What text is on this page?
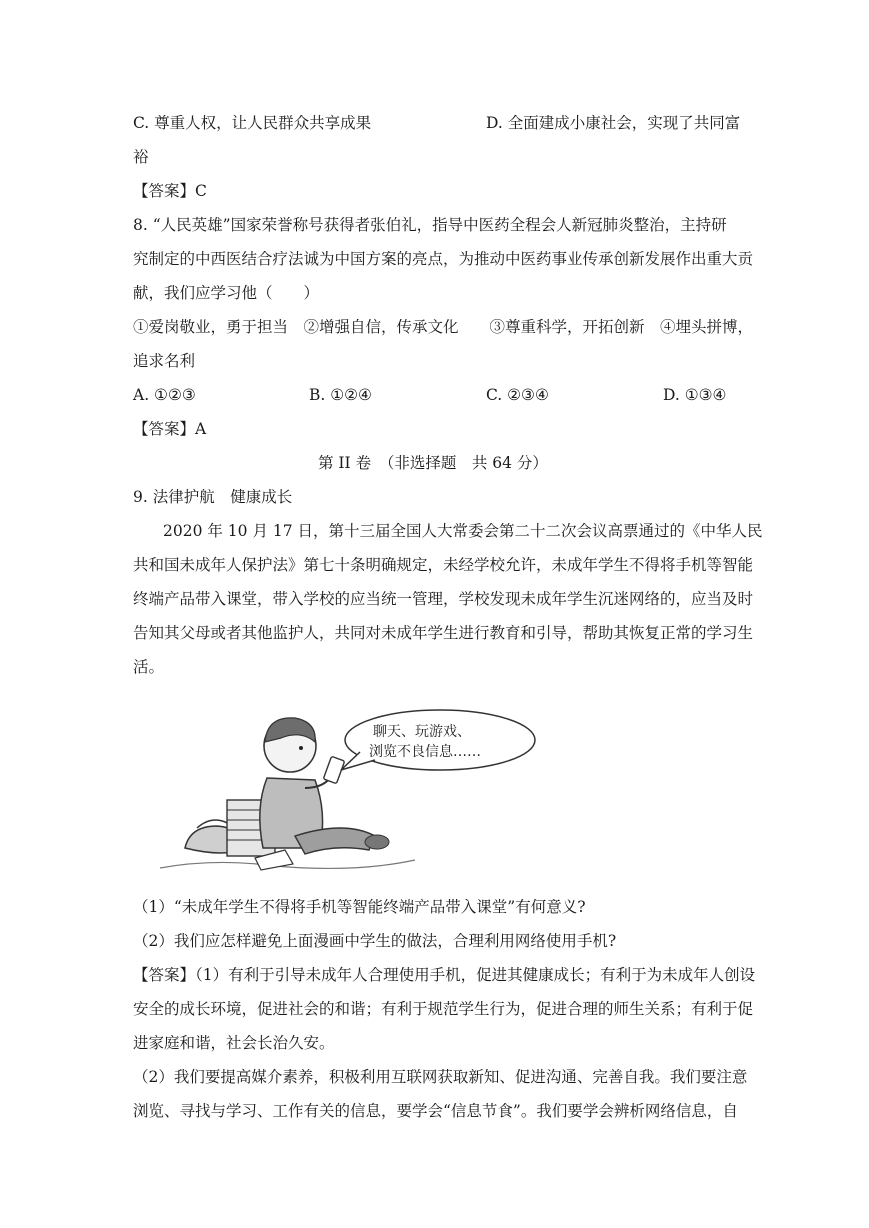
C. 尊重人权，让人民群众共享成果	D. 全面建成小康社会，实现了共同富
裕
【答案】C
8. “人民英雄”国家荣誉称号获得者张伯礼，指导中医药全程会人新冠肺炎整治，主持研
究制定的中西医结合疗法诚为中国方案的亮点，为推动中医药事业传承创新发展作出重大贡
献，我们应学习他（　　）
①爱岗敬业，勇于担当　②增强自信，传承文化　　③尊重科学，开拓创新　④埋头拼博，
追求名利
A. ①②③	B. ①②④	C. ②③④	D. ①③④
【答案】A
第 II 卷　（非选择题　共 64 分）
9. 法律护航　健康成长
2020 年 10 月 17 日，第十三届全国人大常委会第二十二次会议高票通过的《中华人民
共和国未成年人保护法》第七十条明确规定，未经学校允许，未成年学生不得将手机等智能
终端产品带入课堂，带入学校的应当统一管理，学校发现未成年学生沉迷网络的，应当及时
告知其父母或者其他监护人，共同对未成年学生进行教育和引导，帮助其恢复正常的学习生
活。
聊天、玩游戏、
浏览不良信息……
（1）“未成年学生不得将手机等智能终端产品带入课堂”有何意义?
（2）我们应怎样避免上面漫画中学生的做法，合理利用网络使用手机?
【答案】（1）有利于引导未成年人合理使用手机，促进其健康成长；有利于为未成年人创设
安全的成长环境，促进社会的和谐；有利于规范学生行为，促进合理的师生关系；有利于促
进家庭和谐，社会长治久安。
（2）我们要提高媒介素养，积极利用互联网获取新知、促进沟通、完善自我。我们要注意
浏览、寻找与学习、工作有关的信息，要学会“信息节食”。我们要学会辨析网络信息，自
